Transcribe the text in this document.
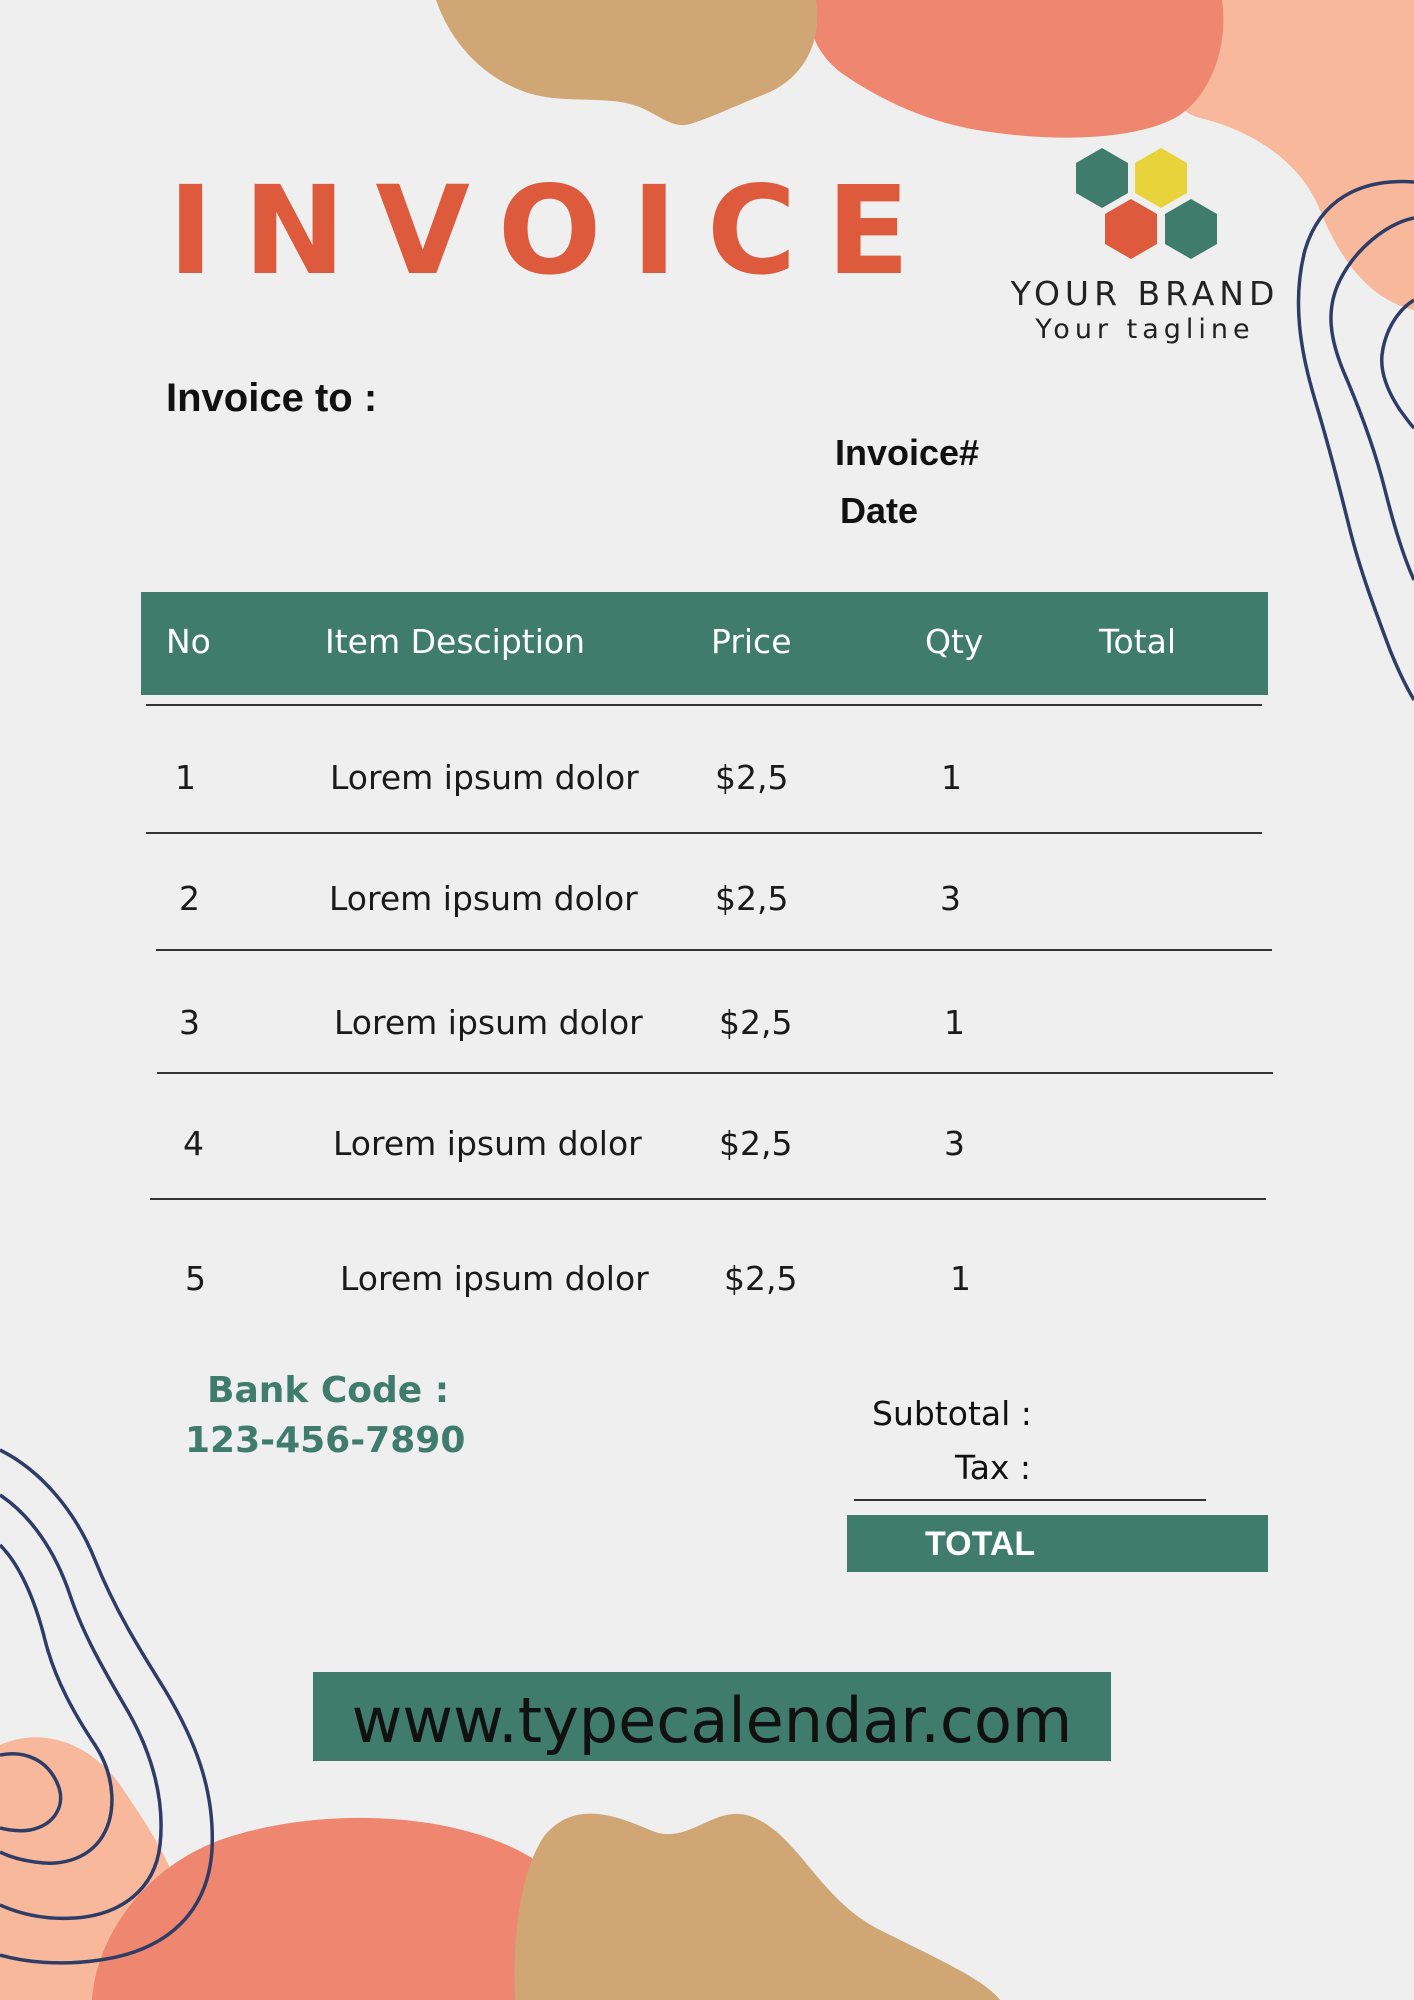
INVOICE	YOUR BRAND
Your tagline
Invoice to :
Invoice#
Date
No	Item Desciption	Price	Qty	Total
1	Lorem ipsum dolor $2,5	1
2	Lorem ipsum dolor $2,5	3
3	Lorem ipsum dolor $2,5	1
4	Lorem ipsum dolor $2,5	3
5	Lorem ipsum dolor $2,5	1
Bank Code :
123-456-7890
Subtotal :
Tax :
TOTAL
www.typecalendar.com
